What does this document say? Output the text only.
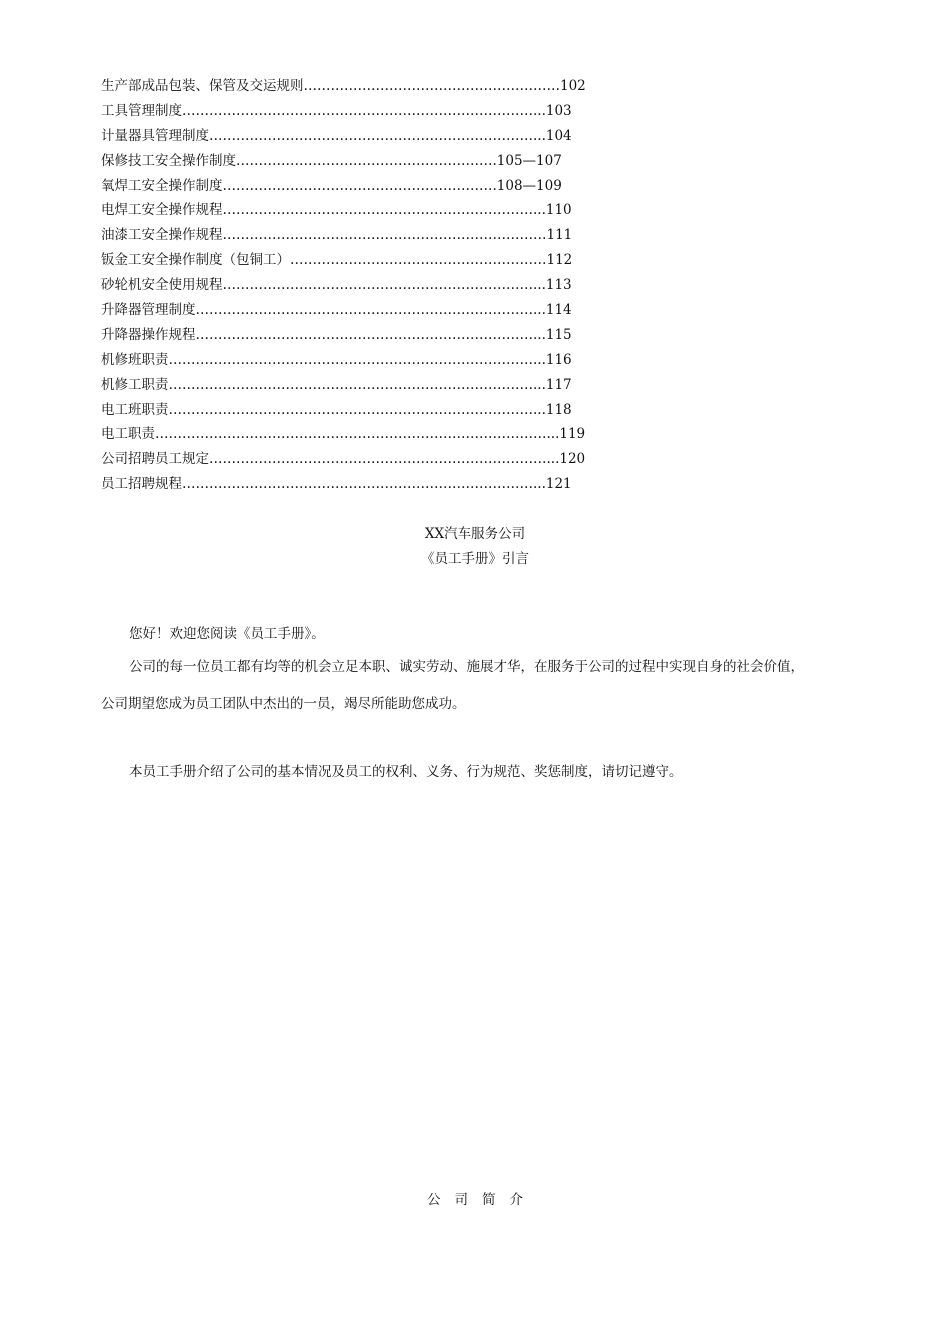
生产部成品包装、保管及交运规则…………………………………………………102
工具管理制度……………………………………………………………………...103
计量器具管理制度………………………………………………………………...104
保修技工安全操作制度………………………………………………….105—107
氧焊工安全操作制度…………………………………………………….108—109
电焊工安全操作规程……………………………………………………………...110
油漆工安全操作规程………………………………………………………………111
钣金工安全操作制度（包铜工）…………………………………………………112
砂轮机安全使用规程……………………………………………………………...113
升降器管理制度…………………………………………………………………...114
升降器操作规程…………………………………………………………………...115
机修班职责………………………………………………………………………...116
机修工职责………………………………………………………………………...117
电工班职责………………………………………………………………………...118
电工职责……………………………………………………………………………...119
公司招聘员工规定…………………………………………………………………...120
员工招聘规程……………………………………………………………………...121
XX汽车服务公司
《员工手册》引言
您好！欢迎您阅读《员工手册》。
公司的每一位员工都有均等的机会立足本职、诚实劳动、施展才华，在服务于公司的过程中实现自身的社会价值，
公司期望您成为员工团队中杰出的一员，竭尽所能助您成功。
本员工手册介绍了公司的基本情况及员工的权利、义务、行为规范、奖惩制度，请切记遵守。
公司简介
